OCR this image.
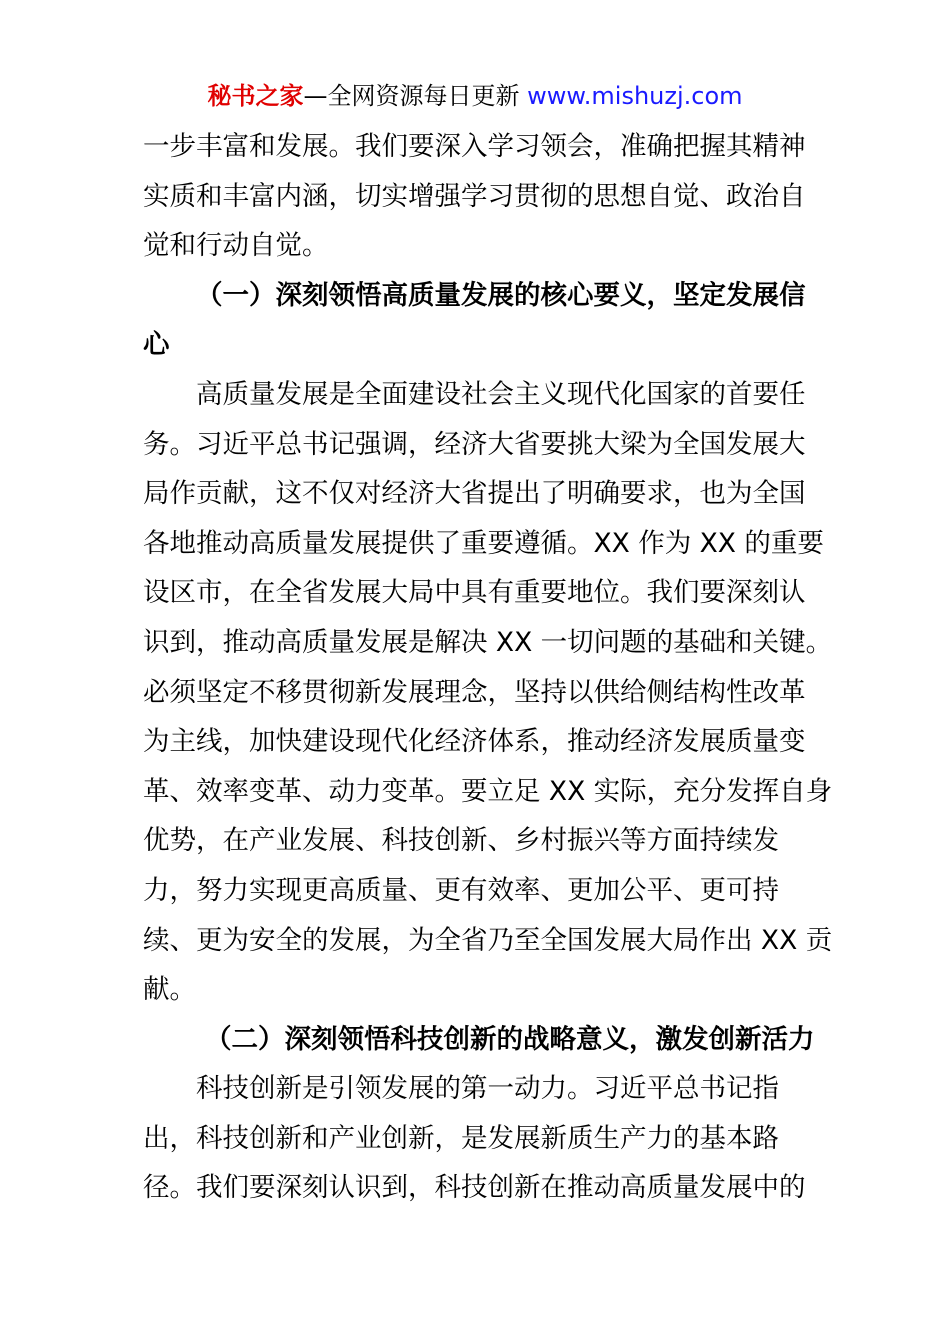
秘书之家—全网资源每日更新 www.mishuzj.com
一步丰富和发展。我们要深入学习领会，准确把握其精神
实质和丰富内涵，切实增强学习贯彻的思想自觉、政治自
觉和行动自觉。
（一）深刻领悟高质量发展的核心要义，坚定发展信
心
高质量发展是全面建设社会主义现代化国家的首要任
务。习近平总书记强调，经济大省要挑大梁为全国发展大
局作贡献，这不仅对经济大省提出了明确要求，也为全国
各地推动高质量发展提供了重要遵循。XX 作为 XX 的重要
设区市，在全省发展大局中具有重要地位。我们要深刻认
识到，推动高质量发展是解决 XX 一切问题的基础和关键。
必须坚定不移贯彻新发展理念，坚持以供给侧结构性改革
为主线，加快建设现代化经济体系，推动经济发展质量变
革、效率变革、动力变革。要立足 XX 实际，充分发挥自身
优势，在产业发展、科技创新、乡村振兴等方面持续发
力，努力实现更高质量、更有效率、更加公平、更可持
续、更为安全的发展，为全省乃至全国发展大局作出 XX 贡
献。
（二）深刻领悟科技创新的战略意义，激发创新活力
科技创新是引领发展的第一动力。习近平总书记指
出，科技创新和产业创新，是发展新质生产力的基本路
径。我们要深刻认识到，科技创新在推动高质量发展中的
